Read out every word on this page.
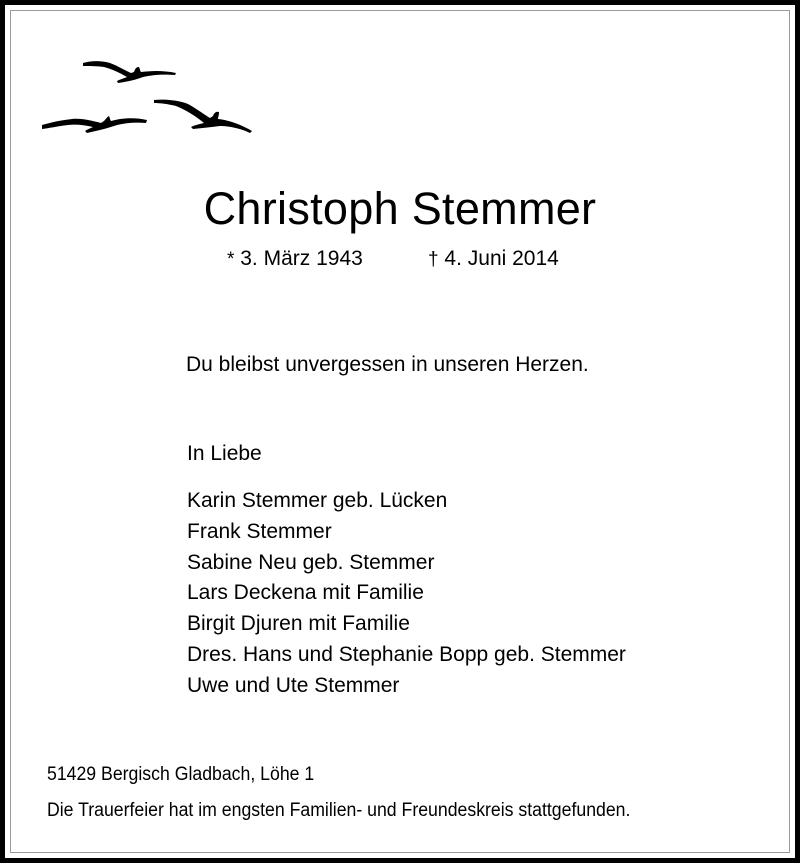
Christoph Stemmer
* 3. März 1943	† 4. Juni 2014
Du bleibst unvergessen in unseren Herzen.
In Liebe
Karin Stemmer geb. Lücken
Frank Stemmer
Sabine Neu geb. Stemmer
Lars Deckena mit Familie
Birgit Djuren mit Familie
Dres. Hans und Stephanie Bopp geb. Stemmer
Uwe und Ute Stemmer
51429 Bergisch Gladbach, Löhe 1
Die Trauerfeier hat im engsten Familien- und Freundeskreis stattgefunden.
